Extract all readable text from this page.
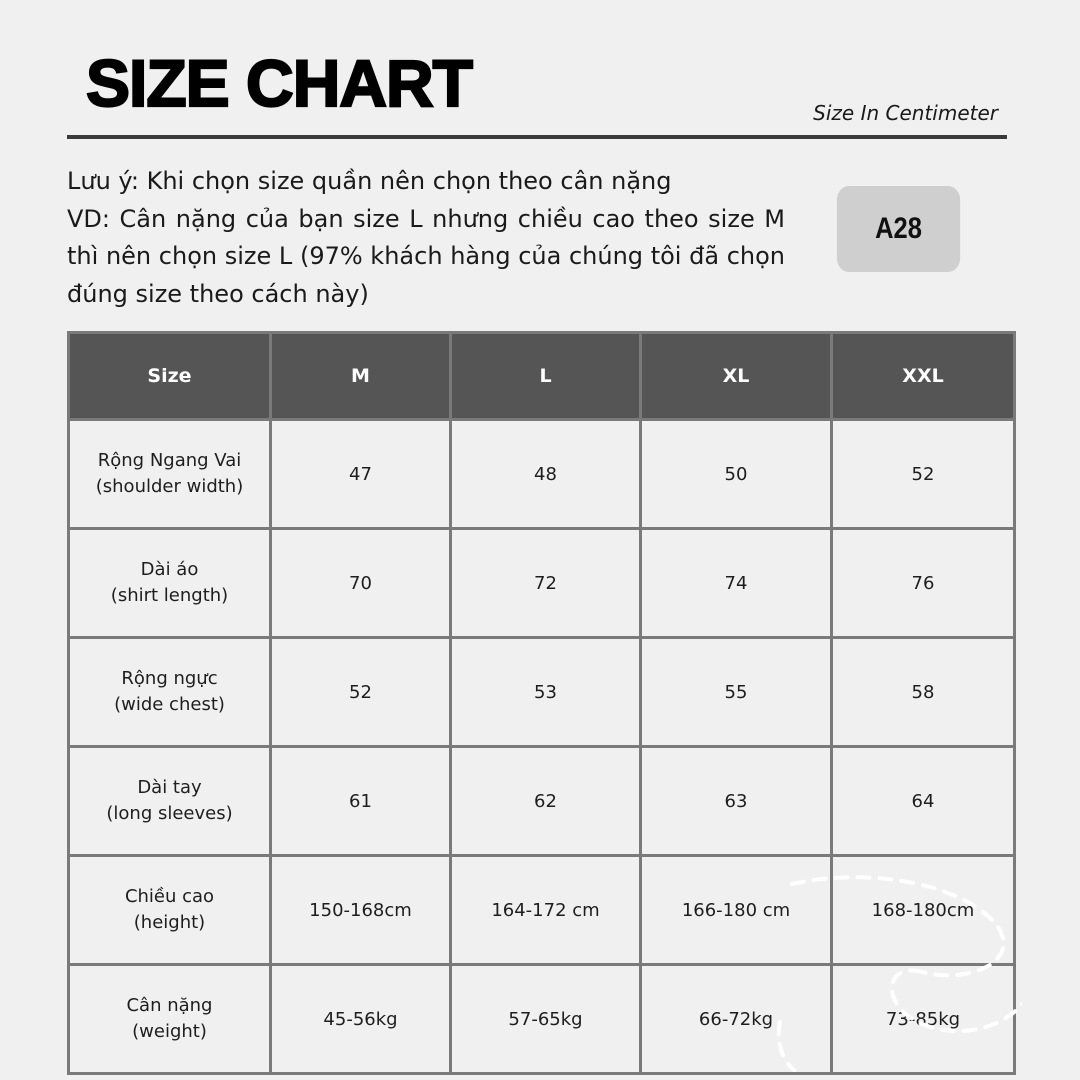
SIZE CHART	Size In Centimeter
Lưu ý: Khi chọn size quần nên chọn theo cân nặng
VD: Cân nặng của bạn size L nhưng chiều cao theo size M thì nên chọn size L (97% khách hàng của chúng tôi đã chọn đúng size theo cách này)
A28
Size	M	L	XL	XXL

Rộng Ngang Vai
(shoulder width)	47	48	50	52

Dài áo
(shirt length)	70	72	74	76

Rộng ngực
(wide chest)	52	53	55	58

Dài tay
(long sleeves)	61	62	63	64

Chiều cao
(height)	150-168cm	164-172 cm	166-180 cm	168-180cm

Cân nặng
(weight)	45-56kg	57-65kg	66-72kg	73-85kg
